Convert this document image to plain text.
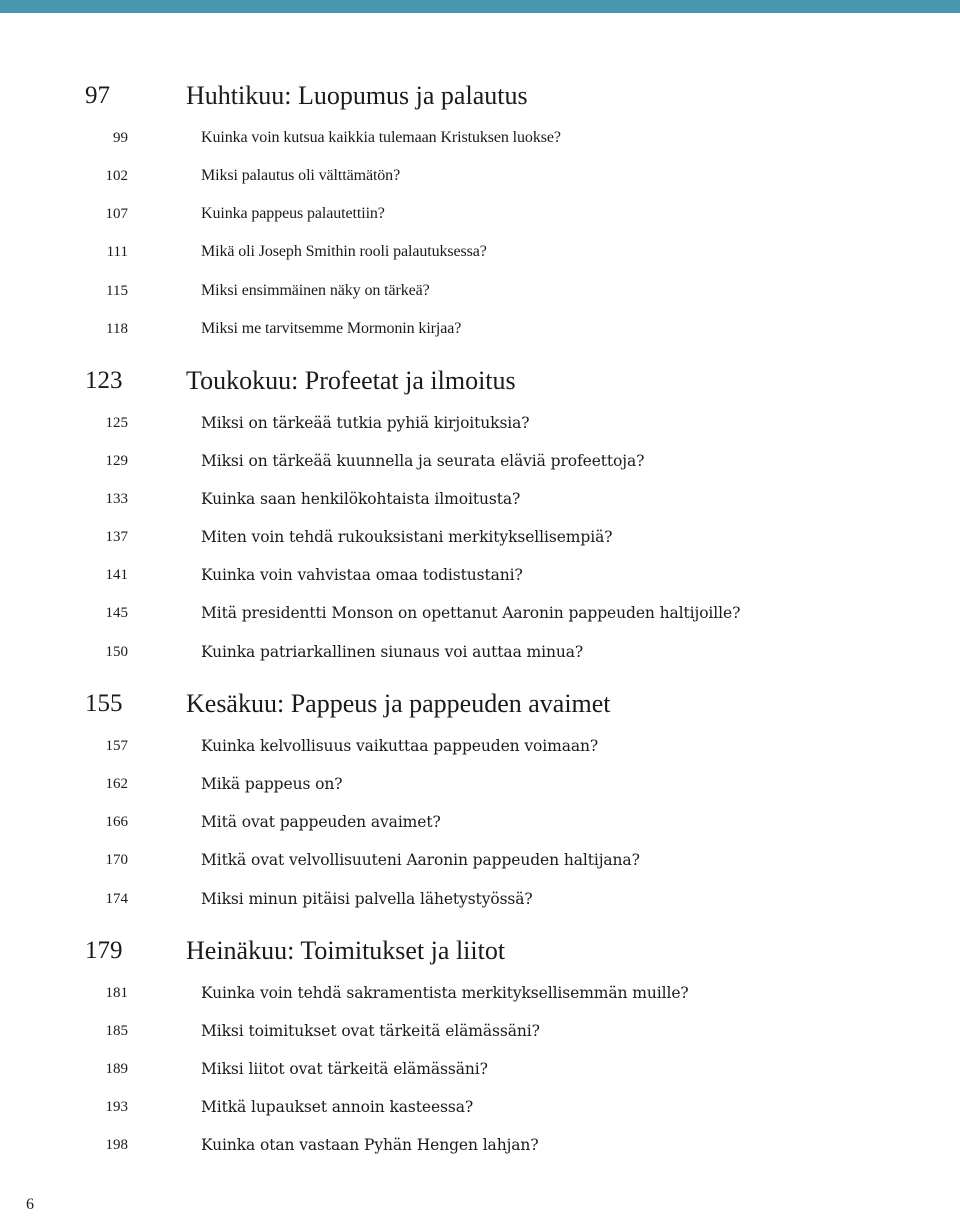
97	Huhtikuu: Luopumus ja palautus
99	Kuinka voin kutsua kaikkia tulemaan Kristuksen luokse?
102	Miksi palautus oli välttämätön?
107	Kuinka pappeus palautettiin?
111	Mikä oli Joseph Smithin rooli palautuksessa?
115	Miksi ensimmäinen näky on tärkeä?
118	Miksi me tarvitsemme Mormonin kirjaa?
123 Toukokuu: Profeetat ja ilmoitus
125	Miksi on tärkeää tutkia pyhiä kirjoituksia?
129	Miksi on tärkeää kuunnella ja seurata eläviä profeettoja?
133	Kuinka saan henkilökohtaista ilmoitusta?
137	Miten voin tehdä rukouksistani merkityksellisempiä?
141	Kuinka voin vahvistaa omaa todistustani?
145	Mitä presidentti Monson on opettanut Aaronin pappeuden haltijoille?
150	Kuinka patriarkallinen siunaus voi auttaa minua?
155 Kesäkuu: Pappeus ja pappeuden avaimet
157	Kuinka kelvollisuus vaikuttaa pappeuden voimaan?
162	Mikä pappeus on?
166	Mitä ovat pappeuden avaimet?
170	Mitkä ovat velvollisuuteni Aaronin pappeuden haltijana?
174	Miksi minun pitäisi palvella lähetystyössä?
179 Heinäkuu: Toimitukset ja liitot
181	Kuinka voin tehdä sakramentista merkityksellisemmän muille?
185	Miksi toimitukset ovat tärkeitä elämässäni?
189	Miksi liitot ovat tärkeitä elämässäni?
193	Mitkä lupaukset annoin kasteessa?
198	Kuinka otan vastaan Pyhän Hengen lahjan?
6
